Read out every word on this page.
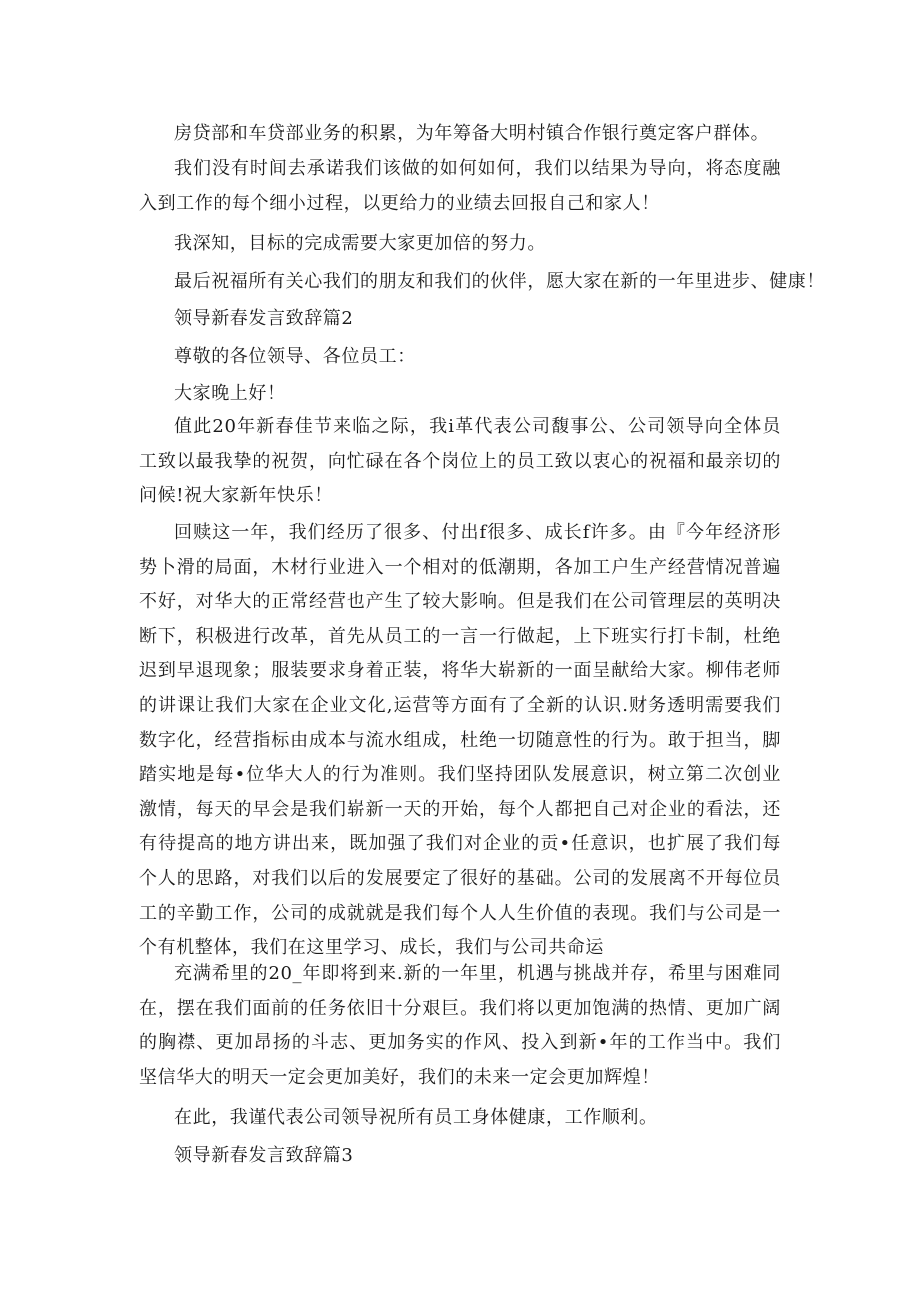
房贷部和车贷部业务的积累，为年筹备大明村镇合作银行奠定客户群体。

我们没有时间去承诺我们该做的如何如何，我们以结果为导向，将态度融入到工作的每个细小过程，以更给力的业绩去回报自己和家人！

我深知，目标的完成需要大家更加倍的努力。

最后祝福所有关心我们的朋友和我们的伙伴，愿大家在新的一年里进步、健康！

领导新春发言致辞篇2

尊敬的各位领导、各位员工：

大家晚上好！

值此20年新春佳节来临之际，我i革代表公司馥事公、公司领导向全体员工致以最我挚的祝贺，向忙碌在各个岗位上的员工致以衷心的祝福和最亲切的问候!祝大家新年快乐！

回赎这一年，我们经历了很多、付出f很多、成长f许多。由『今年经济形势卜滑的局面，木材行业进入一个相对的低潮期，各加工户生产经营情况普遍不好，对华大的正常经营也产生了较大影响。但是我们在公司管理层的英明决断下，积极进行改革，首先从员工的一言一行做起，上下班实行打卡制，杜绝迟到早退现象；服装要求身着正装，将华大崭新的一面呈献给大家。柳伟老师的讲课让我们大家在企业文化,运营等方面有了全新的认识.财务透明需要我们数字化，经营指标由成本与流水组成，杜绝一切随意性的行为。敢于担当，脚踏实地是每•位华大人的行为准则。我们坚持团队发展意识，树立第二次创业激情，每天的早会是我们崭新一天的开始，每个人都把自己对企业的看法，还有待提高的地方讲出来，既加强了我们对企业的贡•任意识，也扩展了我们每个人的思路，对我们以后的发展要定了很好的基础。公司的发展离不开每位员工的辛勤工作，公司的成就就是我们每个人人生价值的表现。我们与公司是一个有机整体，我们在这里学习、成长，我们与公司共命运

充满希里的20_年即将到来.新的一年里，机遇与挑战并存，希里与困难同在，摆在我们面前的任务依旧十分艰巨。我们将以更加饱满的热情、更加广阔的胸襟、更加昂扬的斗志、更加务实的作风、投入到新•年的工作当中。我们坚信华大的明天一定会更加美好，我们的未来一定会更加辉煌！

在此，我谨代表公司领导祝所有员工身体健康，工作顺利。

领导新春发言致辞篇3
